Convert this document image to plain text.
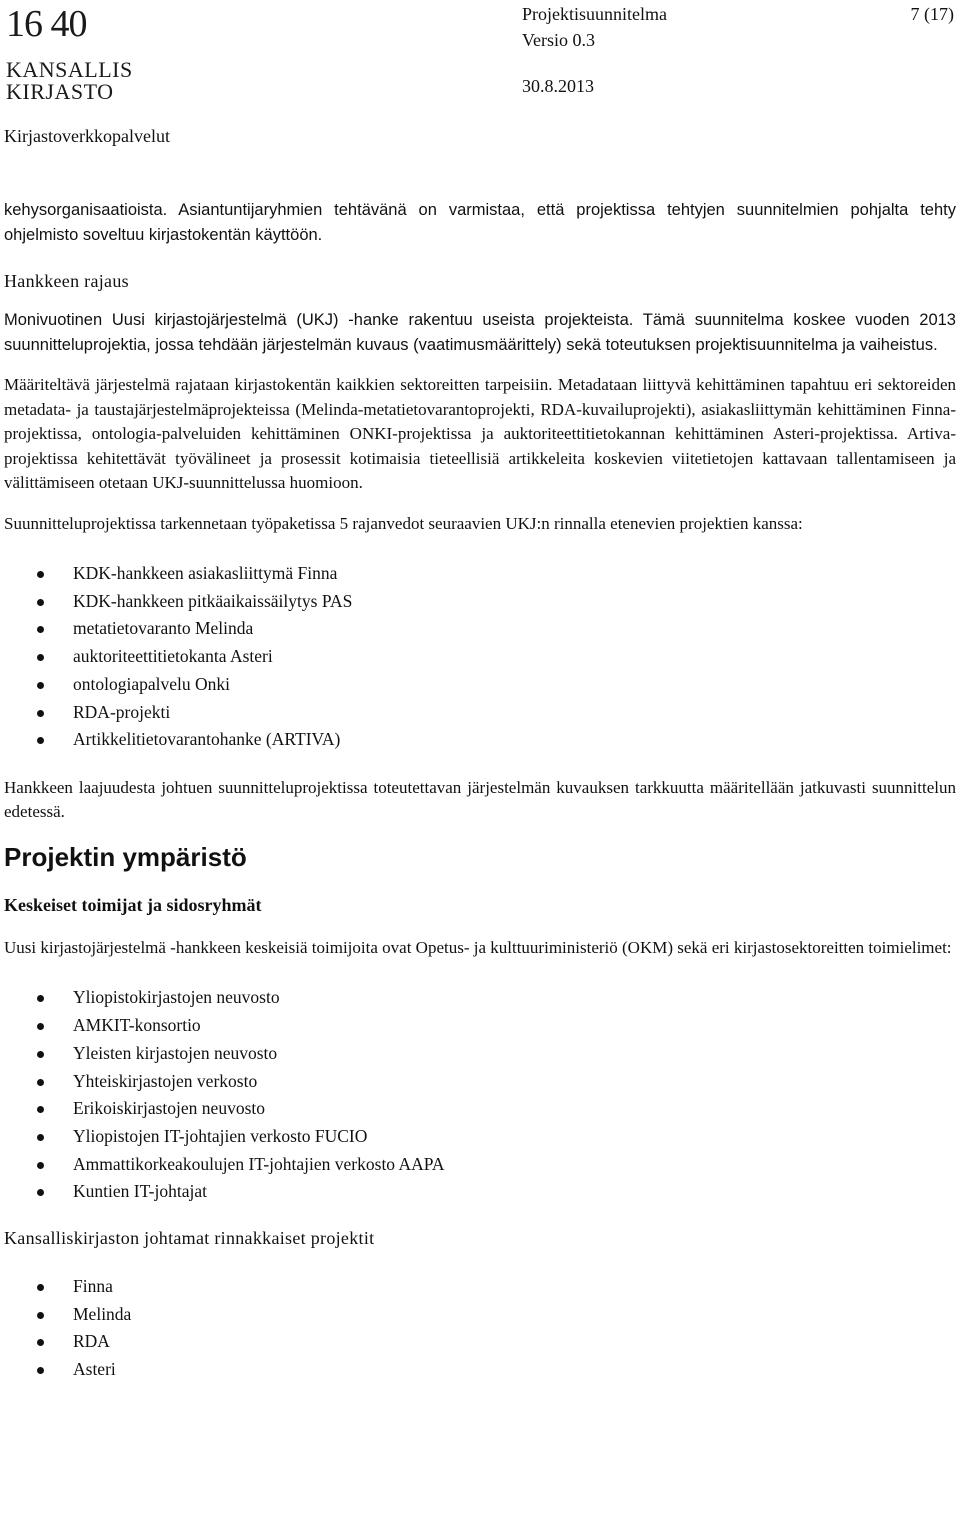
16 40
KANSALLIS
KIRJASTO
Projektisuunnitelma	7 (17)
Versio 0.3
30.8.2013
Kirjastoverkkopalvelut

kehysorganisaatioista. Asiantuntijaryhmien tehtävänä on varmistaa, että projektissa tehtyjen suunnitelmien pohjalta tehty ohjelmisto soveltuu kirjastokentän käyttöön.

Hankkeen rajaus

Monivuotinen Uusi kirjastojärjestelmä (UKJ) -hanke rakentuu useista projekteista. Tämä suunnitelma koskee vuoden 2013 suunnitteluprojektia, jossa tehdään järjestelmän kuvaus (vaatimusmäärittely) sekä toteutuksen projektisuunnitelma ja vaiheistus.

Määriteltävä järjestelmä rajataan kirjastokentän kaikkien sektoreitten tarpeisiin. Metadataan liittyvä kehittäminen tapahtuu eri sektoreiden metadata- ja taustajärjestelmäprojekteissa (Melinda-metatietovarantoprojekti, RDA-kuvailuprojekti), asiakasliittymän kehittäminen Finna-projektissa, ontologia-palveluiden kehittäminen ONKI-projektissa ja auktoriteettitietokannan kehittäminen Asteri-projektissa. Artiva-projektissa kehitettävät työvälineet ja prosessit kotimaisia tieteellisiä artikkeleita koskevien viitetietojen kattavaan tallentamiseen ja välittämiseen otetaan UKJ-suunnittelussa huomioon.

Suunnitteluprojektissa tarkennetaan työpaketissa 5 rajanvedot seuraavien UKJ:n rinnalla etenevien projektien kanssa:

KDK-hankkeen asiakasliittymä Finna
KDK-hankkeen pitkäaikaissäilytys PAS
metatietovaranto Melinda
auktoriteettitietokanta Asteri
ontologiapalvelu Onki
RDA-projekti
Artikkelitietovarantohanke (ARTIVA)

Hankkeen laajuudesta johtuen suunnitteluprojektissa toteutettavan järjestelmän kuvauksen tarkkuutta määritellään jatkuvasti suunnittelun edetessä.

Projektin ympäristö
Keskeiset toimijat ja sidosryhmät

Uusi kirjastojärjestelmä -hankkeen keskeisiä toimijoita ovat Opetus- ja kulttuuriministeriö (OKM) sekä eri kirjastosektoreitten toimielimet:

Yliopistokirjastojen neuvosto
AMKIT-konsortio
Yleisten kirjastojen neuvosto
Yhteiskirjastojen verkosto
Erikoiskirjastojen neuvosto
Yliopistojen IT-johtajien verkosto FUCIO
Ammattikorkeakoulujen IT-johtajien verkosto AAPA
Kuntien IT-johtajat
Kansalliskirjaston johtamat rinnakkaiset projektit
Finna
Melinda
RDA
Asteri
